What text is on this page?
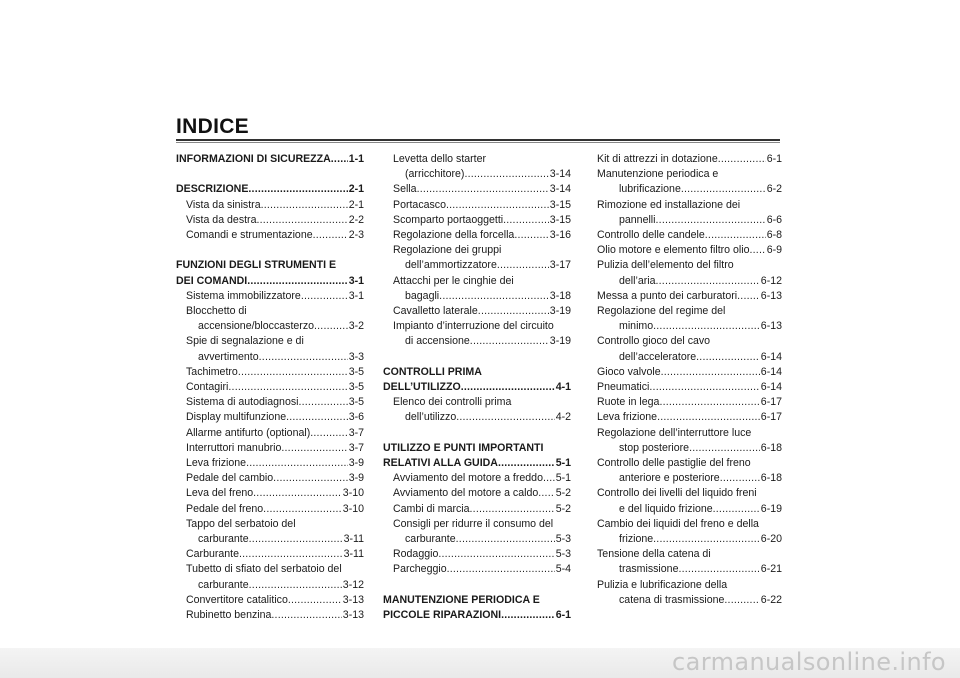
INDICE
INFORMAZIONI DI SICUREZZA ..... 1-1
DESCRIZIONE .....	2-1
Vista da sinistra .....	2-1
Vista da destra .....	2-2
Comandi e strumentazione .....	2-3
FUNZIONI DEGLI STRUMENTI E
DEI COMANDI .....	3-1
Sistema immobilizzatore .....	3-1
Blocchetto di
accensione/bloccasterzo .....	3-2
Spie di segnalazione e di
avvertimento .....	3-3
Tachimetro .....	3-5
Contagiri .....	3-5
Sistema di autodiagnosi .....	3-5
Display multifunzione .....	3-6
Allarme antifurto (optional) .....	3-7
Interruttori manubrio .....	3-7
Leva frizione .....	3-9
Pedale del cambio .....	3-9
Leva del freno .....	3-10
Pedale del freno .....	3-10
Tappo del serbatoio del
carburante .....	3-11
Carburante .....	3-11
Tubetto di sfiato del serbatoio del
carburante .....	3-12
Convertitore catalitico .....	3-13
Rubinetto benzina .....	3-13
Levetta dello starter
(arricchitore) .....	3-14
Sella .....	3-14
Portacasco .....	3-15
Scomparto portaoggetti .....	3-15
Regolazione della forcella .....	3-16
Regolazione dei gruppi
dell’ammortizzatore .....	3-17
Attacchi per le cinghie dei
bagagli .....	3-18
Cavalletto laterale .....	3-19
Impianto d’interruzione del circuito
di accensione .....	3-19
CONTROLLI PRIMA
DELL’UTILIZZO .....	4-1
Elenco dei controlli prima
dell’utilizzo .....	4-2
UTILIZZO E PUNTI IMPORTANTI
RELATIVI ALLA GUIDA .....	5-1
Avviamento del motore a freddo ..... 5-1
Avviamento del motore a caldo ..... 5-2
Cambi di marcia .....	5-2
Consigli per ridurre il consumo del
carburante .....	5-3
Rodaggio .....	5-3
Parcheggio .....	5-4
MANUTENZIONE PERIODICA E
PICCOLE RIPARAZIONI .....	6-1
Kit di attrezzi in dotazione .....	6-1
Manutenzione periodica e
lubrificazione .....	6-2
Rimozione ed installazione dei
pannelli .....	6-6
Controllo delle candele .....	6-8
Olio motore e elemento filtro olio ..... 6-9
Pulizia dell’elemento del filtro
dell’aria .....	6-12
Messa a punto dei carburatori ..... 6-13
Regolazione del regime del
minimo .....	6-13
Controllo gioco del cavo
dell’acceleratore .....	6-14
Gioco valvole .....	6-14
Pneumatici .....	6-14
Ruote in lega .....	6-17
Leva frizione .....	6-17
Regolazione dell’interruttore luce
stop posteriore .....	6-18
Controllo delle pastiglie del freno
anteriore e posteriore .....	6-18
Controllo dei livelli del liquido freni
e del liquido frizione .....	6-19
Cambio dei liquidi del freno e della
frizione .....	6-20
Tensione della catena di
trasmissione .....	6-21
Pulizia e lubrificazione della
catena di trasmissione .....	6-22
carmanualsonline.info
